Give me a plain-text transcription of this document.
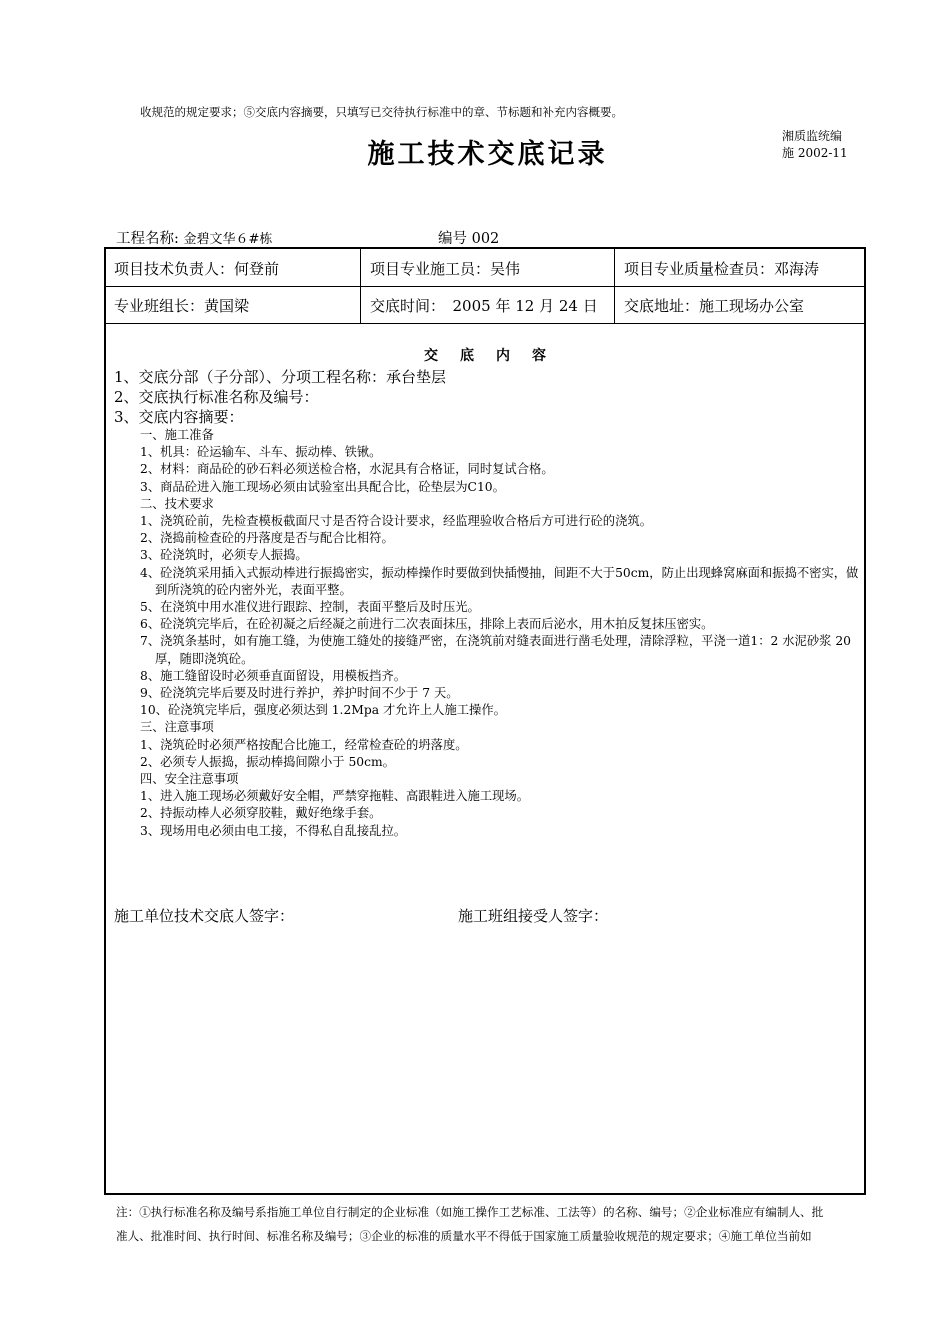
收规范的规定要求；⑤交底内容摘要，只填写已交待执行标准中的章、节标题和补充内容概要。
施工技术交底记录
湘质监统编
施 2002-11
工程名称: 金碧文华６#栋	编号 002
项目技术负责人：何登前	项目专业施工员：吴伟	项目专业质量检查员：邓海涛
专业班组长：黄国梁	交底时间：　2005 年 12 月 24 日 交底地址：施工现场办公室
交底内容
1、交底分部（子分部）、分项工程名称：承台垫层
2、交底执行标准名称及编号：
3、交底内容摘要：
一、施工准备
1、机具：砼运输车、斗车、振动棒、铁锹。
2、材料：商品砼的砂石料必须送检合格，水泥具有合格证，同时复试合格。
3、商品砼进入施工现场必须由试验室出具配合比，砼垫层为C10。
二、技术要求
1、浇筑砼前，先检查模板截面尺寸是否符合设计要求，经监理验收合格后方可进行砼的浇筑。
2、浇捣前检查砼的丹落度是否与配合比相符。
3、砼浇筑时，必须专人振捣。
4、砼浇筑采用插入式振动棒进行振捣密实，振动棒操作时要做到快插慢抽，间距不大于50cm，防止出现蜂窝麻面和振捣不密实，做到所浇筑的砼内密外光，表面平整。
5、在浇筑中用水准仪进行跟踪、控制，表面平整后及时压光。
6、砼浇筑完毕后，在砼初凝之后经凝之前进行二次表面抹压，排除上表而后泌水，用木拍反复抹压密实。
7、浇筑条基时，如有施工缝，为使施工缝处的接缝严密，在浇筑前对缝表面进行凿毛处理，清除浮粒，平浇一道1：2 水泥砂浆 20 厚，随即浇筑砼。
8、施工缝留设时必须垂直面留设，用模板挡齐。
9、砼浇筑完毕后要及时进行养护，养护时间不少于 7 天。
10、砼浇筑完毕后，强度必须达到 1.2Mpa 才允许上人施工操作。
三、注意事项
1、浇筑砼时必须严格按配合比施工，经常检查砼的坍落度。
2、必须专人振捣，振动棒捣间隙小于 50cm。
四、安全注意事项
1、进入施工现场必须戴好安全帽，严禁穿拖鞋、高跟鞋进入施工现场。
2、持振动棒人必须穿胶鞋，戴好绝缘手套。
3、现场用电必须由电工接，不得私自乱接乱拉。
施工单位技术交底人签字：	施工班组接受人签字：
注：①执行标准名称及编号系指施工单位自行制定的企业标准（如施工操作工艺标准、工法等）的名称、编号；②企业标准应有编制人、批
准人、批准时间、执行时间、标准名称及编号；③企业的标准的质量水平不得低于国家施工质量验收规范的规定要求；④施工单位当前如
